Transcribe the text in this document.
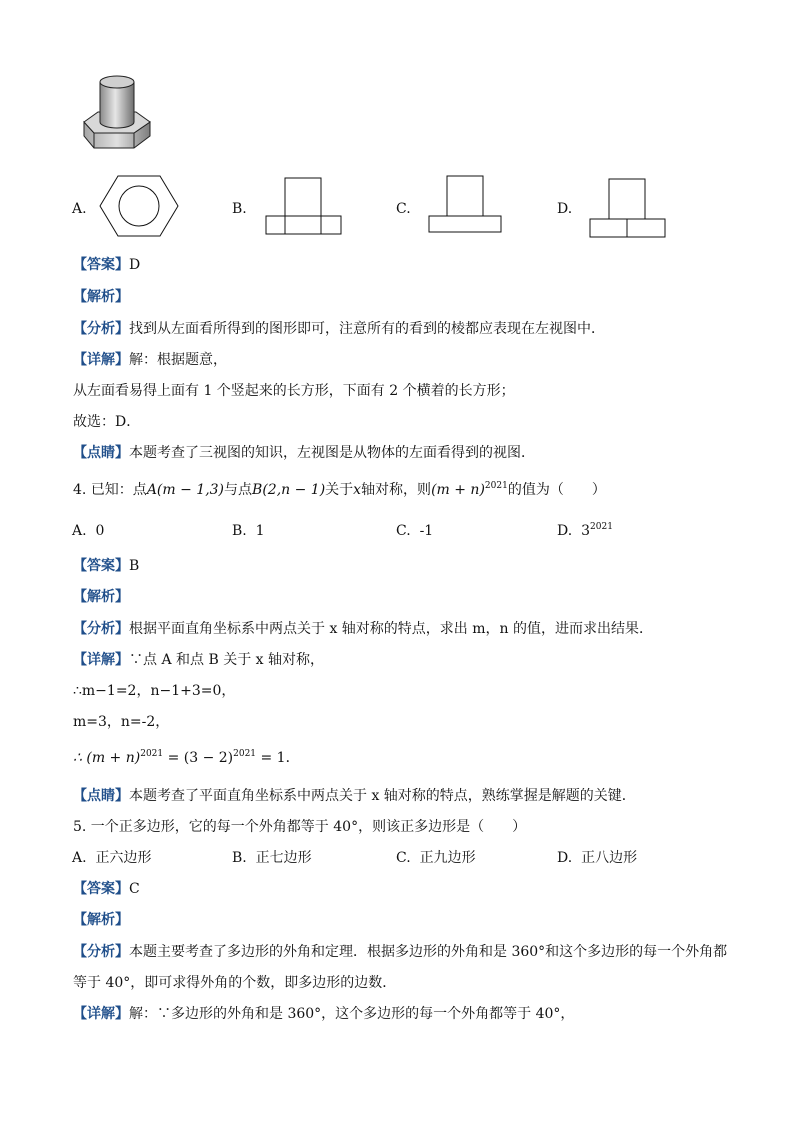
A.	B.	C.	D.
【答案】D
【解析】
【分析】找到从左面看所得到的图形即可，注意所有的看到的棱都应表现在左视图中．
【详解】解：根据题意，
从左面看易得上面有 1 个竖起来的长方形，下面有 2 个横着的长方形；
故选：D．
【点睛】本题考查了三视图的知识，左视图是从物体的左面看得到的视图．
4. 已知：点A(m − 1,3)与点B(2,n − 1)关于x轴对称，则$(m + n)^{2021}$的值为（　　）
A. 0	B. 1	C. -1	D. $3^{2021}$
【答案】B
【解析】
【分析】根据平面直角坐标系中两点关于 x 轴对称的特点，求出 m，n 的值，进而求出结果．
【详解】∵点 A 和点 B 关于 x 轴对称，
∴m−1=2，n−1+3=0，
m=3，n=-2，
∴ $(m + n)^{2021} = (3 - 2)^{2021} = 1$．
【点睛】本题考查了平面直角坐标系中两点关于 x 轴对称的特点，熟练掌握是解题的关键．
5. 一个正多边形，它的每一个外角都等于 40°，则该正多边形是（　　）
A. 正六边形	B. 正七边形	C. 正九边形	D. 正八边形
【答案】C
【解析】
【分析】本题主要考查了多边形的外角和定理．根据多边形的外角和是 360°和这个多边形的每一个外角都
等于 40°，即可求得外角的个数，即多边形的边数．
【详解】解：∵多边形的外角和是 360°，这个多边形的每一个外角都等于 40°，
